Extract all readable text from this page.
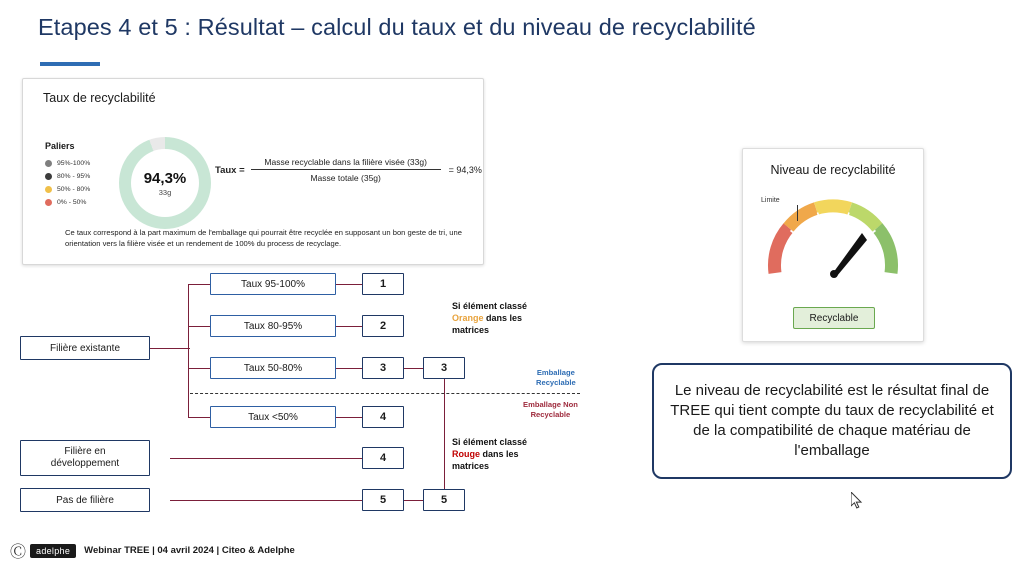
Etapes 4 et 5 : Résultat – calcul du taux et du niveau de recyclabilité
Taux de recyclabilité
Paliers
95%-100%
80% - 95%
50% - 80%
0% - 50%
94,3%
33g
Taux = $\frac{\text{Masse recyclable dans la filière visée (33g)}}{\text{Masse totale (35g)}} = 94,3\%$
Ce taux correspond à la part maximum de l'emballage qui pourrait être recyclée en supposant un bon geste de tri, une orientation vers la filière visée et un rendement de 100% du process de recyclage.
Filière existante
Filière en
développement
Pas de filière
Taux 95-100%
Taux 80-95%
Taux 50-80%
Taux <50%
1
2
3
4
4
5
3
5
Si élément classé
Orange dans les
matrices
Si élément classé
Rouge dans les
matrices
Emballage
Recyclable
Emballage Non
Recyclable
Niveau de recyclabilité
Limite
Recyclable

Le niveau de recyclabilité est le résultat final de TREE qui tient compte du taux de recyclabilité et de la compatibilité de chaque matériau de l'emballage

Ⓒ	adelphe	Webinar TREE | 04 avril 2024 | Citeo & Adelphe
